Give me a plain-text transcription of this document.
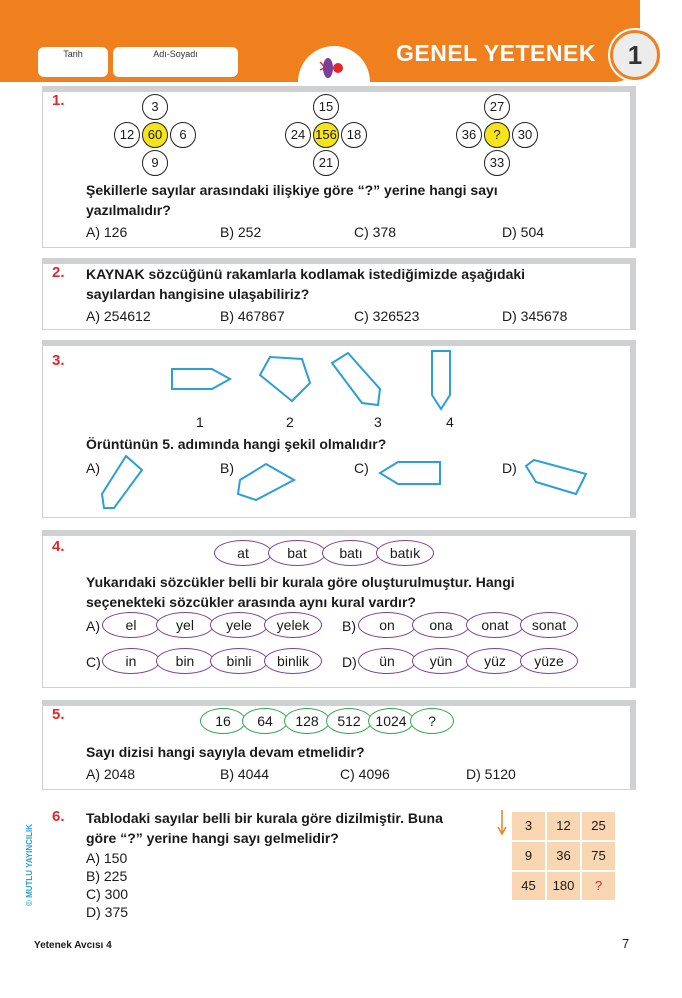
Tarih	Adı-Soyadı	GENEL YETENEK	1
1.	3
12	60	6
9
15
24 156 18
21
27
36	?	30
33
Şekillerle sayılar arasındaki ilişkiye göre “?” yerine hangi sayı
yazılmalıdır?
A) 126	B) 252	C) 378	D) 504
2. KAYNAK sözcüğünü rakamlarla kodlamak istediğimizde aşağıdaki
sayılardan hangisine ulaşabiliriz?
A) 254612	B) 467867	C) 326523	D) 345678
3.
1	2	3	4
Örüntünün 5. adımında hangi şekil olmalıdır?
A)	B)	C)	D)
4.	at	bat	batı	batık
Yukarıdaki sözcükler belli bir kurala göre oluşturulmuştur. Hangi
seçenekteki sözcükler arasında aynı kural vardır?
A)	el	yel	yele	yelek	B)	on	ona	onat	sonat
C)	in	bin	binli	binlik	D)	ün	yün	yüz	yüze
5.	16	64	128	512	1024	?
Sayı dizisi hangi sayıyla devam etmelidir?
A) 2048	B) 4044	C) 4096	D) 5120
6. Tablodaki sayılar belli bir kurala göre dizilmiştir. Buna
göre “?” yerine hangi sayı gelmelidir?
A) 150
B) 225
C) 300
D) 375
3	12	25
9	36	75
45	180	?
© MUTLU YAYINCILIK
Yetenek Avcısı 4	7
